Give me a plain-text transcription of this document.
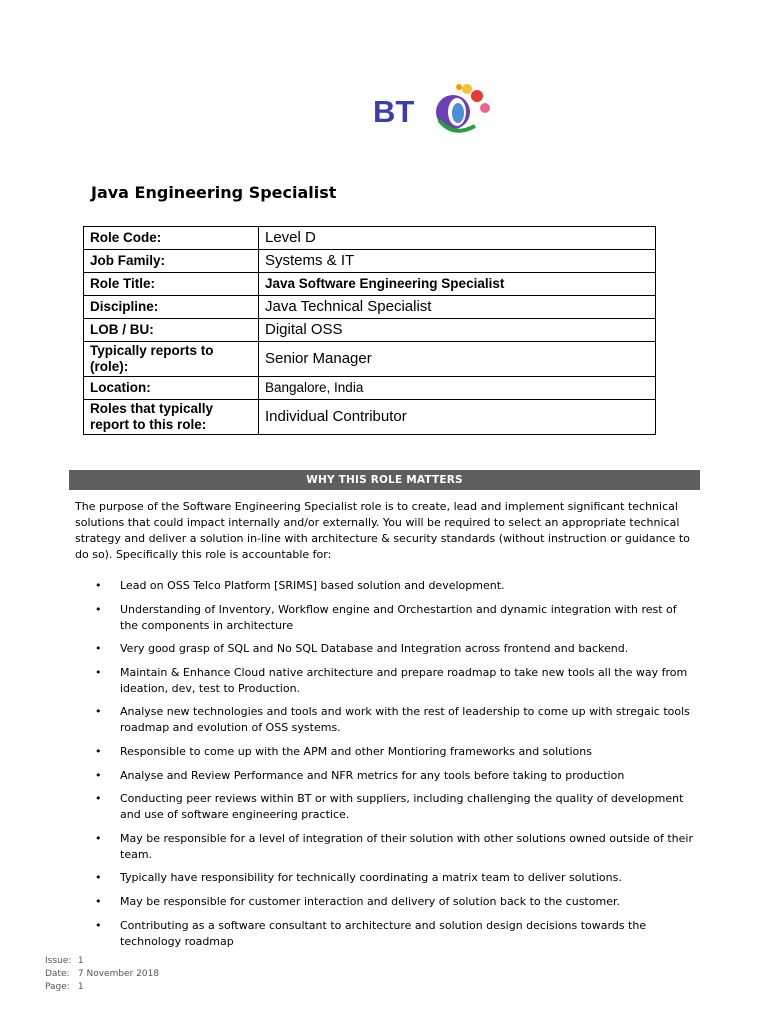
BT
Java Engineering Specialist
Role Code:	Level D
Job Family:	Systems & IT
Role Title:	Java Software Engineering Specialist
Discipline:	Java Technical Specialist
LOB / BU:	Digital OSS
Typically reports to (role):	Senior Manager
Location:	Bangalore, India
Roles that typically report to this role:	Individual Contributor
WHY THIS ROLE MATTERS

The purpose of the Software Engineering Specialist role is to create, lead and implement significant technical solutions that could impact internally and/or externally. You will be required to select an appropriate technical strategy and deliver a solution in-line with architecture & security standards (without instruction or guidance to do so). Specifically this role is accountable for:

• Lead on OSS Telco Platform [SRIMS] based solution and development.
• Understanding of Inventory, Workflow engine and Orchestartion and dynamic integration with rest of the components in architecture
• Very good grasp of SQL and No SQL Database and Integration across frontend and backend.
• Maintain & Enhance Cloud native architecture and prepare roadmap to take new tools all the way from ideation, dev, test to Production.
• Analyse new technologies and tools and work with the rest of leadership to come up with stregaic tools roadmap and evolution of OSS systems.
• Responsible to come up with the APM and other Montioring frameworks and solutions
• Analyse and Review Performance and NFR metrics for any tools before taking to production
• Conducting peer reviews within BT or with suppliers, including challenging the quality of development and use of software engineering practice.
• May be responsible for a level of integration of their solution with other solutions owned outside of their team.
• Typically have responsibility for technically coordinating a matrix team to deliver solutions.
• May be responsible for customer interaction and delivery of solution back to the customer.
• Contributing as a software consultant to architecture and solution design decisions towards the technology roadmap
Issue: 1
Date: 7 November 2018
Page: 1
